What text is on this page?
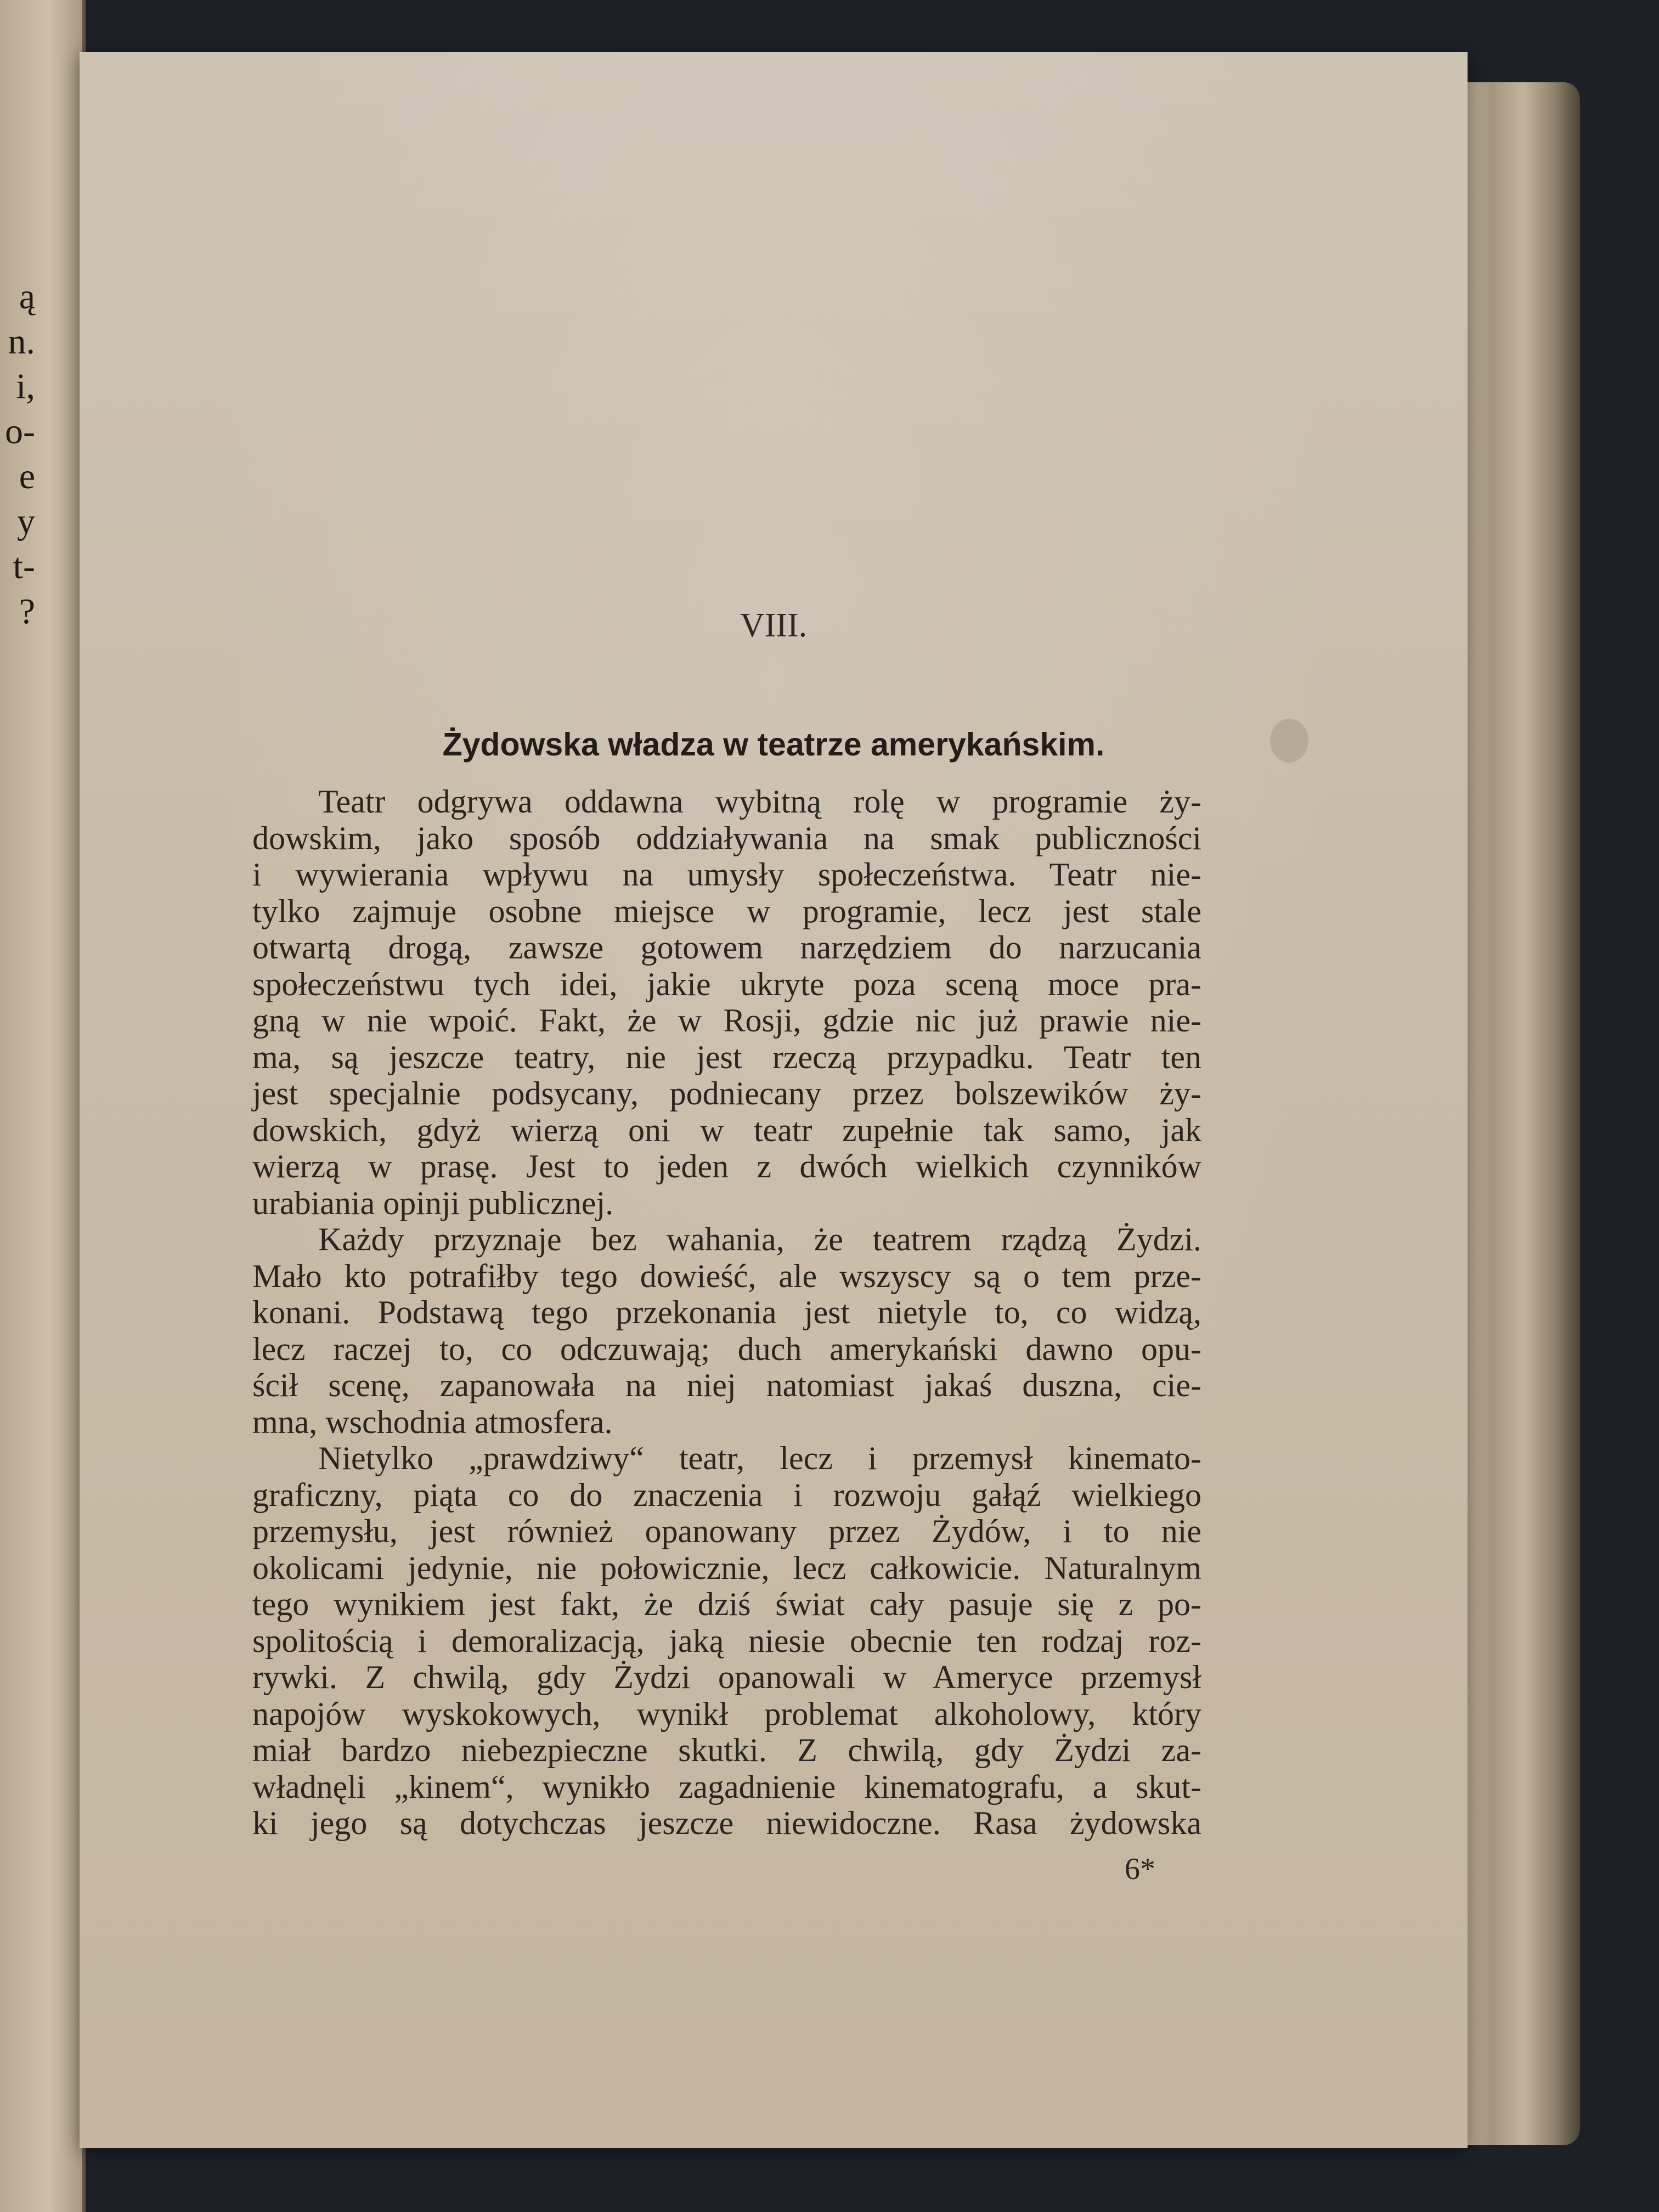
ą
n.
i,
o-
e
y
t-
?	VIII.
Żydowska władza w teatrze amerykańskim.
Teatr odgrywa oddawna wybitną rolę w programie ży-
dowskim, jako sposób oddziaływania na smak publiczności
i wywierania wpływu na umysły społeczeństwa. Teatr nie-
tylko zajmuje osobne miejsce w programie, lecz jest stale
otwartą drogą, zawsze gotowem narzędziem do narzucania
społeczeństwu tych idei, jakie ukryte poza sceną moce pra-
gną w nie wpoić. Fakt, że w Rosji, gdzie nic już prawie nie-
ma, są jeszcze teatry, nie jest rzeczą przypadku. Teatr ten
jest specjalnie podsycany, podniecany przez bolszewików ży-
dowskich, gdyż wierzą oni w teatr zupełnie tak samo, jak
wierzą w prasę. Jest to jeden z dwóch wielkich czynników
urabiania opinji publicznej.
Każdy przyznaje bez wahania, że teatrem rządzą Żydzi.
Mało kto potrafiłby tego dowieść, ale wszyscy są o tem prze-
konani. Podstawą tego przekonania jest nietyle to, co widzą,
lecz raczej to, co odczuwają; duch amerykański dawno opu-
ścił scenę, zapanowała na niej natomiast jakaś duszna, cie-
mna, wschodnia atmosfera.
Nietylko „prawdziwy“ teatr, lecz i przemysł kinemato-
graficzny, piąta co do znaczenia i rozwoju gałąź wielkiego
przemysłu, jest również opanowany przez Żydów, i to nie
okolicami jedynie, nie połowicznie, lecz całkowicie. Naturalnym
tego wynikiem jest fakt, że dziś świat cały pasuje się z po-
spolitością i demoralizacją, jaką niesie obecnie ten rodzaj roz-
rywki. Z chwilą, gdy Żydzi opanowali w Ameryce przemysł
napojów wyskokowych, wynikł problemat alkoholowy, który
miał bardzo niebezpieczne skutki. Z chwilą, gdy Żydzi za-
władnęli „kinem“, wynikło zagadnienie kinematografu, a skut-
ki jego są dotychczas jeszcze niewidoczne. Rasa żydowska
6*
